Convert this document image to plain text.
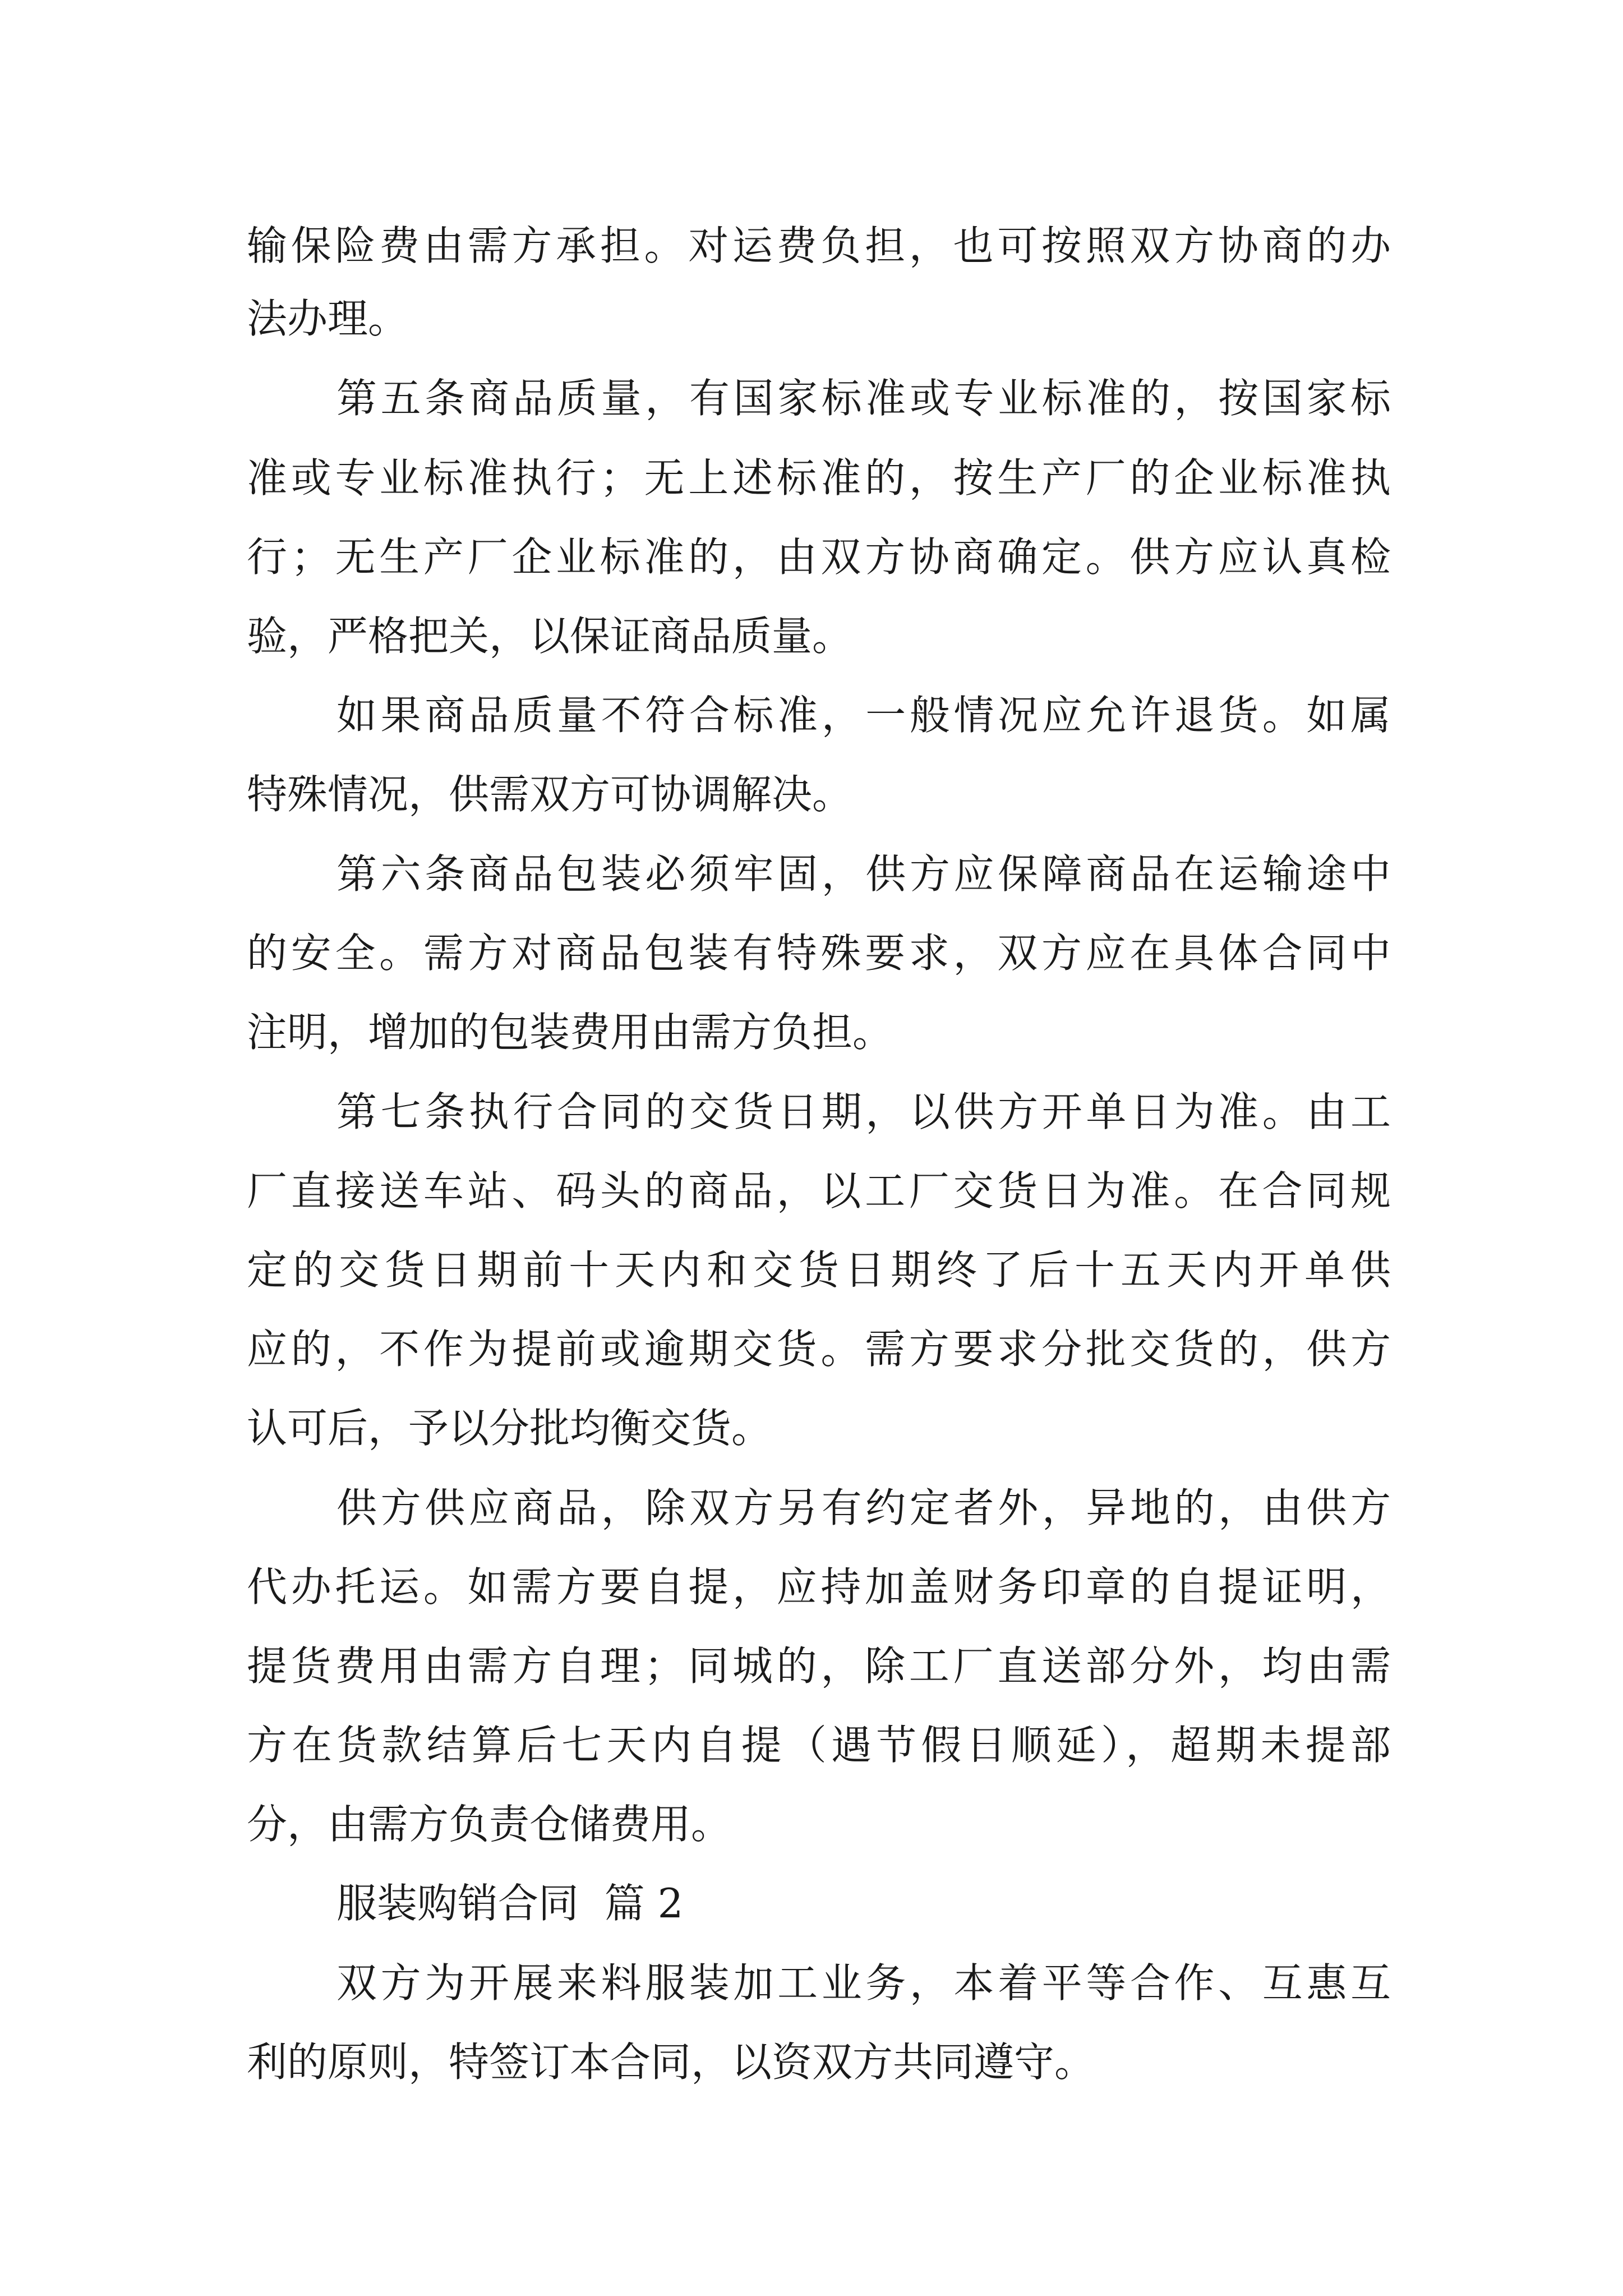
输保险费由需方承担。对运费负担，也可按照双方协商的办
法办理。
第五条商品质量，有国家标准或专业标准的，按国家标
准或专业标准执行；无上述标准的，按生产厂的企业标准执
行；无生产厂企业标准的，由双方协商确定。供方应认真检
验，严格把关，以保证商品质量。
如果商品质量不符合标准，一般情况应允许退货。如属
特殊情况，供需双方可协调解决。
第六条商品包装必须牢固，供方应保障商品在运输途中
的安全。需方对商品包装有特殊要求，双方应在具体合同中
注明，增加的包装费用由需方负担。
第七条执行合同的交货日期，以供方开单日为准。由工
厂直接送车站、码头的商品，以工厂交货日为准。在合同规
定的交货日期前十天内和交货日期终了后十五天内开单供
应的，不作为提前或逾期交货。需方要求分批交货的，供方
认可后，予以分批均衡交货。
供方供应商品，除双方另有约定者外，异地的，由供方
代办托运。如需方要自提，应持加盖财务印章的自提证明，
提货费用由需方自理；同城的，除工厂直送部分外，均由需
方在货款结算后七天内自提（遇节假日顺延），超期未提部
分，由需方负责仓储费用。
服装购销合同  篇 2
双方为开展来料服装加工业务，本着平等合作、互惠互
利的原则，特签订本合同，以资双方共同遵守。
